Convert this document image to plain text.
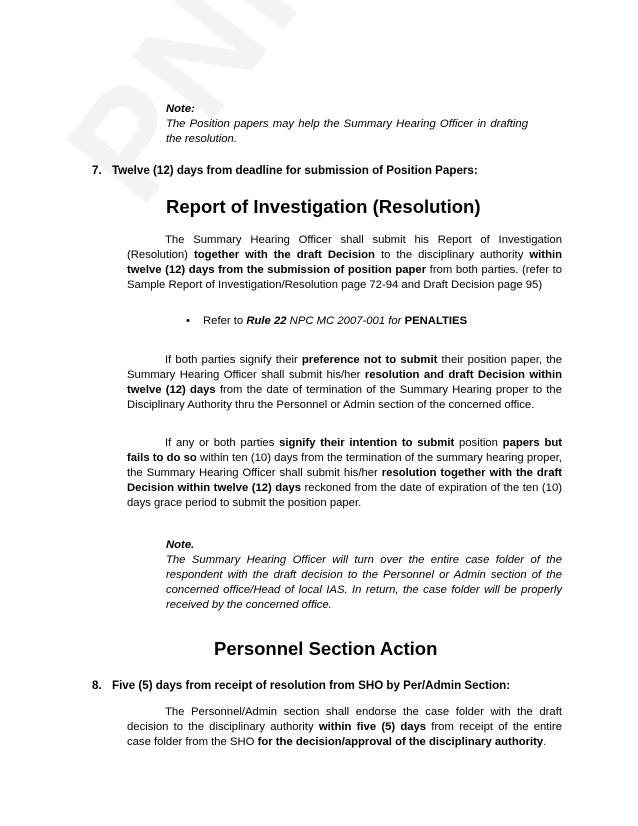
Note:
The Position papers may help the Summary Hearing Officer in drafting the resolution.
7. Twelve (12) days from deadline for submission of Position Papers:
Report of Investigation (Resolution)
The Summary Hearing Officer shall submit his Report of Investigation (Resolution) together with the draft Decision to the disciplinary authority within twelve (12) days from the submission of position paper from both parties. (refer to Sample Report of Investigation/Resolution page 72-94 and Draft Decision page 95)
• Refer to Rule 22 NPC MC 2007-001 for PENALTIES
If both parties signify their preference not to submit their position paper, the Summary Hearing Officer shall submit his/her resolution and draft Decision within twelve (12) days from the date of termination of the Summary Hearing proper to the Disciplinary Authority thru the Personnel or Admin section of the concerned office.
If any or both parties signify their intention to submit position papers but fails to do so within ten (10) days from the termination of the summary hearing proper, the Summary Hearing Officer shall submit his/her resolution together with the draft Decision within twelve (12) days reckoned from the date of expiration of the ten (10) days grace period to submit the position paper.
Note.
The Summary Hearing Officer will turn over the entire case folder of the respondent with the draft decision to the Personnel or Admin section of the concerned office/Head of local IAS. In return, the case folder will be properly received by the concerned office.
Personnel Section Action
8. Five (5) days from receipt of resolution from SHO by Per/Admin Section:
The Personnel/Admin section shall endorse the case folder with the draft decision to the disciplinary authority within five (5) days from receipt of the entire case folder from the SHO for the decision/approval of the disciplinary authority.
